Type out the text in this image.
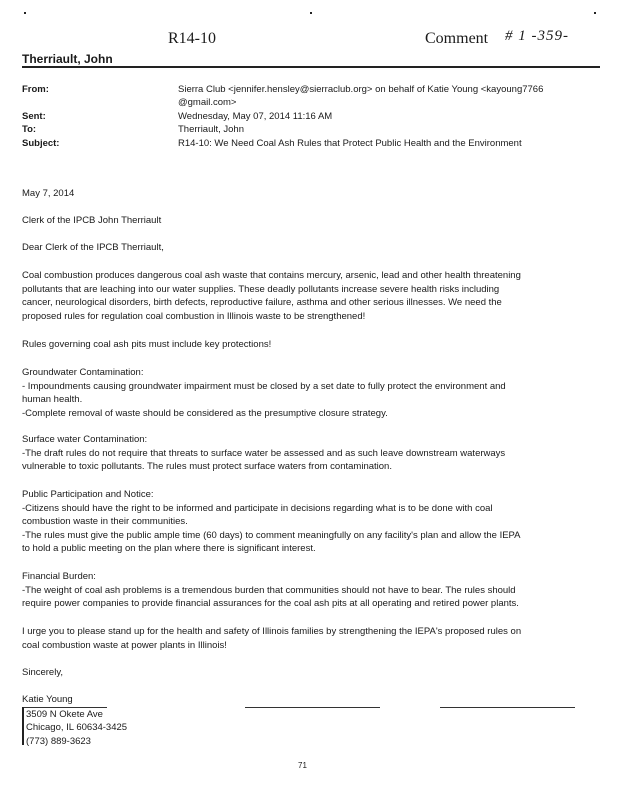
R14-10	Comment # 1 -359-
Therriault, John
From:	Sierra Club <jennifer.hensley@sierraclub.org> on behalf of Katie Young <kayoung7766
@gmail.com>
Sent:	Wednesday, May 07, 2014 11:16 AM
To:	Therriault, John
Subject:	R14-10: We Need Coal Ash Rules that Protect Public Health and the Environment
May 7, 2014
Clerk of the IPCB John Therriault
Dear Clerk of the IPCB Therriault,

Coal combustion produces dangerous coal ash waste that contains mercury, arsenic, lead and other health threatening

pollutants that are leaching into our water supplies. These deadly pollutants increase severe health risks including

cancer, neurological disorders, birth defects, reproductive failure, asthma and other serious illnesses. We need the

proposed rules for regulation coal combustion in Illinois waste to be strengthened!

Rules governing coal ash pits must include key protections!

Groundwater Contamination:

- Impoundments causing groundwater impairment must be closed by a set date to fully protect the environment and

human health.

-Complete removal of waste should be considered as the presumptive closure strategy.

Surface water Contamination:

-The draft rules do not require that threats to surface water be assessed and as such leave downstream waterways

vulnerable to toxic pollutants. The rules must protect surface waters from contamination.

Public Participation and Notice:

-Citizens should have the right to be informed and participate in decisions regarding what is to be done with coal

combustion waste in their communities.

-The rules must give the public ample time (60 days) to comment meaningfully on any facility's plan and allow the IEPA

to hold a public meeting on the plan where there is significant interest.

Financial Burden:

-The weight of coal ash problems is a tremendous burden that communities should not have to bear. The rules should

require power companies to provide financial assurances for the coal ash pits at all operating and retired power plants.

I urge you to please stand up for the health and safety of Illinois families by strengthening the IEPA's proposed rules on

coal combustion waste at power plants in Illinois!

Sincerely,
Katie Young
3509 N Okete Ave
Chicago, IL 60634-3425
(773) 889-3623
71
